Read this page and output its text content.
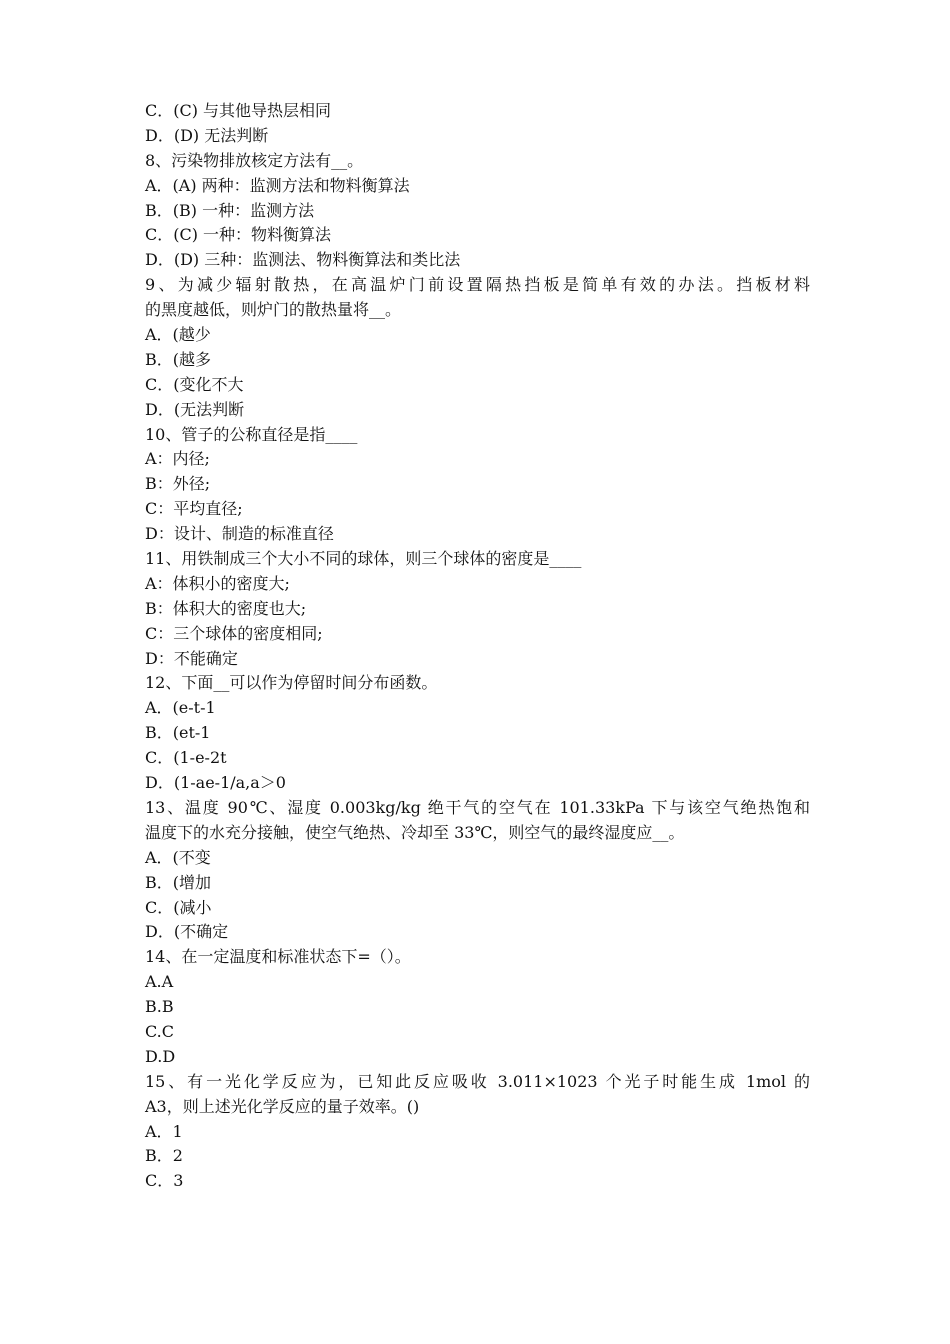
C．(C) 与其他导热层相同
D．(D) 无法判断
8、污染物排放核定方法有__。
A．(A) 两种：监测方法和物料衡算法
B．(B) 一种：监测方法
C．(C) 一种：物料衡算法
D．(D) 三种：监测法、物料衡算法和类比法
9、为减少辐射散热，在高温炉门前设置隔热挡板是简单有效的办法。挡板材料
的黑度越低，则炉门的散热量将__。
A．(越少
B．(越多
C．(变化不大
D．(无法判断
10、管子的公称直径是指____
A：内径;
B：外径;
C：平均直径;
D：设计、制造的标准直径
11、用铁制成三个大小不同的球体，则三个球体的密度是____
A：体积小的密度大;
B：体积大的密度也大;
C：三个球体的密度相同;
D：不能确定
12、下面__可以作为停留时间分布函数。
A．(e-t-1
B．(et-1
C．(1-e-2t
D．(1-ae-1/a,a＞0
13、温度 90℃、湿度 0.003kg/kg 绝干气的空气在 101.33kPa 下与该空气绝热饱和
温度下的水充分接触，使空气绝热、冷却至 33℃，则空气的最终湿度应__。
A．(不变
B．(增加
C．(减小
D．(不确定
14、在一定温度和标准状态下=（）。
A.A
B.B
C.C
D.D
15、有一光化学反应为，已知此反应吸收 3.011×1023 个光子时能生成 1mol 的
A3，则上述光化学反应的量子效率。()
A．1
B．2
C．3
